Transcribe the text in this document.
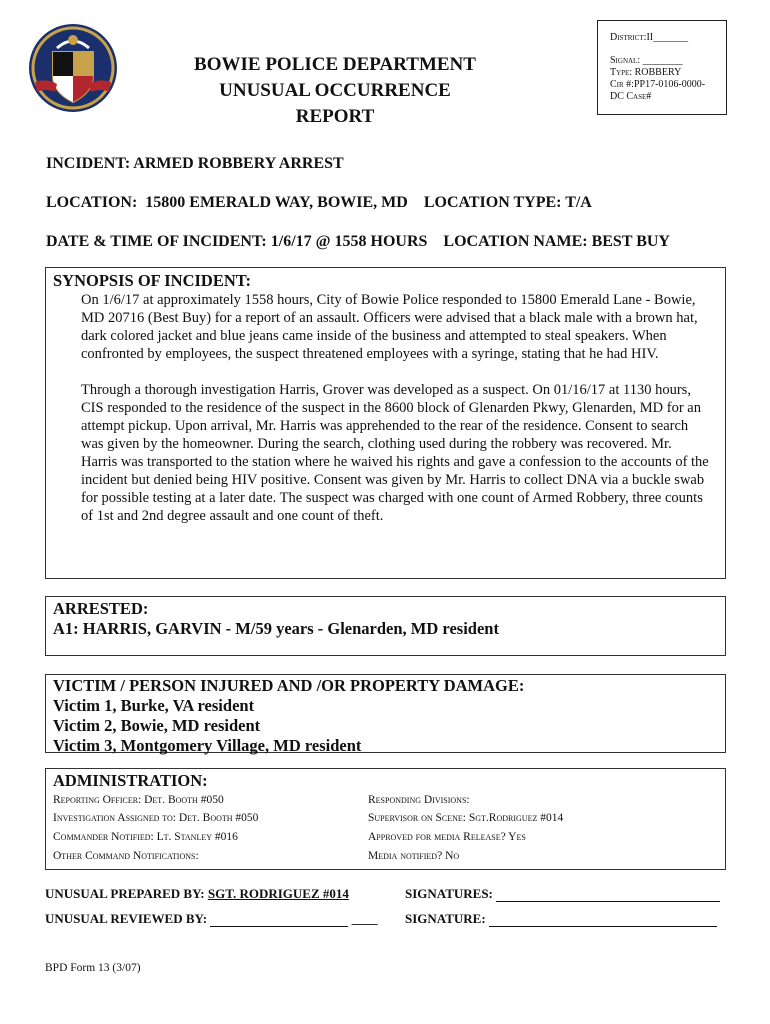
BOWIE POLICE DEPARTMENT
UNUSUAL OCCURRENCE
REPORT
District:II_______
Signal: ________
Type: ROBBERY
Cir #:PP17-0106-0000-
DC Case#
INCIDENT: ARMED ROBBERY ARREST
LOCATION:  15800 EMERALD WAY, BOWIE, MD    LOCATION TYPE: T/A
DATE & TIME OF INCIDENT: 1/6/17 @ 1558 HOURS    LOCATION NAME: BEST BUY
SYNOPSIS OF INCIDENT:

On 1/6/17 at approximately 1558 hours, City of Bowie Police responded to 15800 Emerald Lane - Bowie, MD 20716 (Best Buy) for a report of an assault. Officers were advised that a black male with a brown hat, dark colored jacket and blue jeans came inside of the business and attempted to steal speakers. When confronted by employees, the suspect threatened employees with a syringe, stating that he had HIV.

Through a thorough investigation Harris, Grover was developed as a suspect. On 01/16/17 at 1130 hours, CIS responded to the residence of the suspect in the 8600 block of Glenarden Pkwy, Glenarden, MD for an attempt pickup. Upon arrival, Mr. Harris was apprehended to the rear of the residence. Consent to search was given by the homeowner. During the search, clothing used during the robbery was recovered. Mr. Harris was transported to the station where he waived his rights and gave a confession to the accounts of the incident but denied being HIV positive. Consent was given by Mr. Harris to collect DNA via a buckle swab for possible testing at a later date. The suspect was charged with one count of Armed Robbery, three counts of 1st and 2nd degree assault and one count of theft.

ARRESTED:
A1: HARRIS, GARVIN - M/59 years - Glenarden, MD resident
VICTIM / PERSON INJURED AND /OR PROPERTY DAMAGE:
Victim 1, Burke, VA resident
Victim 2, Bowie, MD resident
Victim 3, Montgomery Village, MD resident
ADMINISTRATION:
Reporting Officer: Det. Booth #050
Investigation Assigned to: Det. Booth #050
Commander Notified: Lt. Stanley #016
Other Command Notifications:
Responding Divisions:
Supervisor on Scene: Sgt.Rodriguez #014
Approved for media Release? Yes
Media notified? No
UNUSUAL PREPARED BY: SGT. RODRIGUEZ #014	SIGNATURES:
UNUSUAL REVIEWED BY:	____ SIGNATURE:
BPD Form 13 (3/07)
